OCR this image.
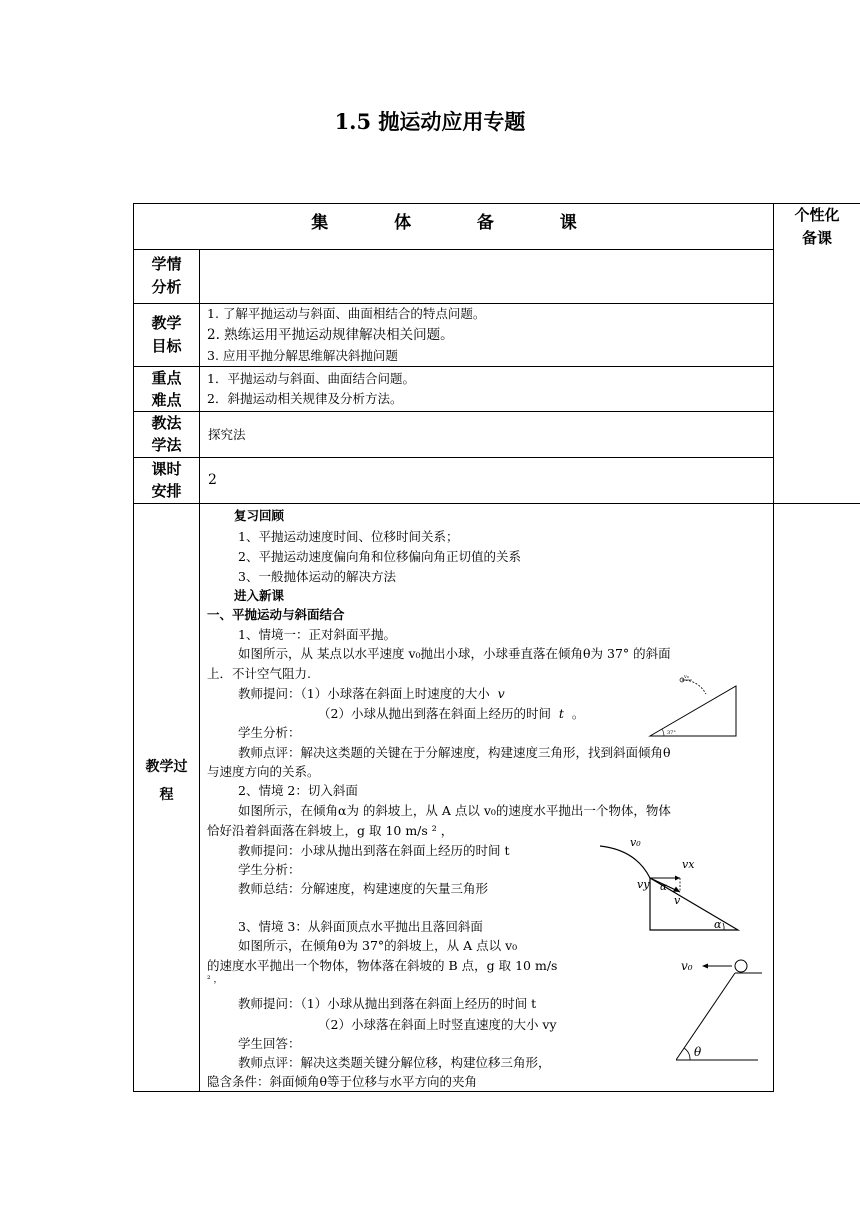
1.5 抛运动应用专题
集  体  备  课	个性化
备课
学情
分析
教学
目标
1. 了解平抛运动与斜面、曲面相结合的特点问题。
2. 熟练运用平抛运动规律解决相关问题。
3. 应用平抛分解思维解决斜抛问题
重点
难点
1．平抛运动与斜面、曲面结合问题。
2．斜抛运动相关规律及分析方法。
教法
学法
探究法
课时
安排
2
教学过
程
复习回顾
1、平抛运动速度时间、位移时间关系；
2、平抛运动速度偏向角和位移偏向角正切值的关系
3、一般抛体运动的解决方法
进入新课
一、平抛运动与斜面结合
1、情境一：正对斜面平抛。
如图所示，从 某点以水平速度 v₀抛出小球，小球垂直落在倾角θ为 37° 的斜面
上．不计空气阻力.
教师提问：（1）小球落在斜面上时速度的大小 v
（2）小球从抛出到落在斜面上经历的时间 t 。
学生分析：
教师点评：解决这类题的关键在于分解速度，构建速度三角形，找到斜面倾角θ
与速度方向的关系。
2、情境 2：切入斜面
如图所示，在倾角α为 的斜坡上，从 A 点以 v₀的速度水平抛出一个物体，物体
恰好沿着斜面落在斜坡上，g 取 10 m/s ² ，
教师提问：小球从抛出到落在斜面上经历的时间 t
学生分析：
教师总结：分解速度，构建速度的矢量三角形
3、情境 3：从斜面顶点水平抛出且落回斜面
如图所示，在倾角θ为 37°的斜坡上，从 A 点以 v₀
的速度水平抛出一个物体，物体落在斜坡的 B 点，g 取 10 m/s
² ，
教师提问：（1）小球从抛出到落在斜面上经历的时间 t
（2）小球落在斜面上时竖直速度的大小 vy
学生回答：
教师点评：解决这类题关键分解位移，构建位移三角形，
隐含条件：斜面倾角θ等于位移与水平方向的夹角
v₀
37°
v₀
vx
vy α
v
α
v₀
θ
